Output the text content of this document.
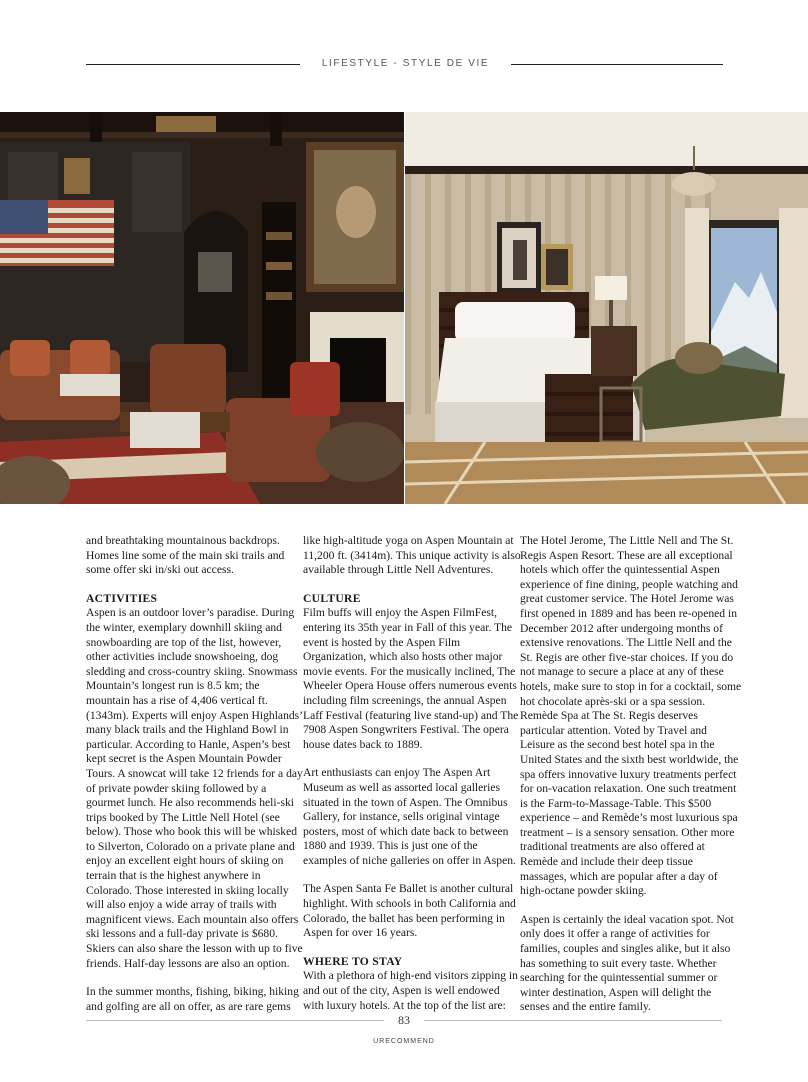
LIFESTYLE - STYLE DE VIE

and breathtaking mountainous backdrops. Homes line some of the main ski trails and some offer ski in/ski out access.

ACTIVITIES

Aspen is an outdoor lover’s paradise. During the winter, exemplary downhill skiing and snowboarding are top of the list, however, other activities include snowshoeing, dog sledding and cross-country skiing. Snowmass Mountain’s longest run is 8.5 km; the mountain has a rise of 4,406 vertical ft. (1343m). Experts will enjoy Aspen Highlands’ many black trails and the Highland Bowl in particular. According to Hanle, Aspen’s best kept secret is the Aspen Mountain Powder Tours. A snowcat will take 12 friends for a day of private powder skiing followed by a gourmet lunch. He also recommends heli-ski trips booked by The Little Nell Hotel (see below). Those who book this will be whisked to Silverton, Colorado on a private plane and enjoy an excellent eight hours of skiing on terrain that is the highest anywhere in Colorado. Those interested in skiing locally will also enjoy a wide array of trails with magnificent views. Each mountain also offers ski lessons and a full-day private is $680. Skiers can also share the lesson with up to five friends. Half-day lessons are also an option.

In the summer months, fishing, biking, hiking and golfing are all on offer, as are rare gems

like high-altitude yoga on Aspen Mountain at 11,200 ft. (3414m). This unique activity is also available through Little Nell Adventures.

CULTURE

Film buffs will enjoy the Aspen FilmFest, entering its 35th year in Fall of this year. The event is hosted by the Aspen Film Organization, which also hosts other major movie events. For the musically inclined, The Wheeler Opera House offers numerous events including film screenings, the annual Aspen Laff Festival (featuring live stand-up) and The 7908 Aspen Songwriters Festival. The opera house dates back to 1889.

Art enthusiasts can enjoy The Aspen Art Museum as well as assorted local galleries situated in the town of Aspen. The Omnibus Gallery, for instance, sells original vintage posters, most of which date back to between 1880 and 1939. This is just one of the examples of niche galleries on offer in Aspen.

The Aspen Santa Fe Ballet is another cultural highlight. With schools in both California and Colorado, the ballet has been performing in Aspen for over 16 years.

WHERE TO STAY

With a plethora of high-end visitors zipping in and out of the city, Aspen is well endowed with luxury hotels. At the top of the list are:

The Hotel Jerome, The Little Nell and The St. Regis Aspen Resort. These are all exceptional hotels which offer the quintessential Aspen experience of fine dining, people watching and great customer service. The Hotel Jerome was first opened in 1889 and has been re-opened in December 2012 after undergoing months of extensive renovations. The Little Nell and the St. Regis are other five-star choices. If you do not manage to secure a place at any of these hotels, make sure to stop in for a cocktail, some hot chocolate après-ski or a spa session. Remède Spa at The St. Regis deserves particular attention. Voted by Travel and Leisure as the second best hotel spa in the United States and the sixth best worldwide, the spa offers innovative luxury treatments perfect for on-vacation relaxation. One such treatment is the Farm-to-Massage-Table. This $500 experience – and Remède’s most luxurious spa treatment – is a sensory sensation. Other more traditional treatments are also offered at Remède and include their deep tissue massages, which are popular after a day of high-octane powder skiing.

Aspen is certainly the ideal vacation spot. Not only does it offer a range of activities for families, couples and singles alike, but it also has something to suit every taste. Whether searching for the quintessential summer or winter destination, Aspen will delight the senses and the entire family.

83
URECOMMEND
